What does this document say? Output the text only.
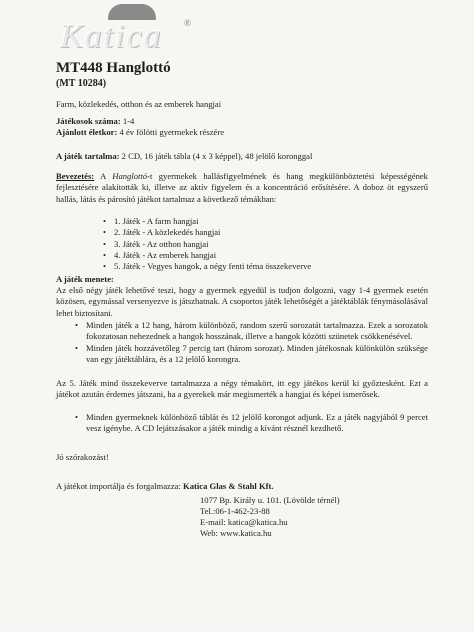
Katica	®
MT448 Hanglottó
(MT 10284)
Farm, közlekedés, otthon és az emberek hangjai
Játékosok száma: 1-4
Ajánlott életkor: 4 év fölötti gyermekek részére
A játék tartalma: 2 CD, 16 játék tábla (4 x 3 képpel), 48 jelölő koronggal
Bevezetés: A Hanglottó-t gyermekek hallásfigyelmének és hang megkülönböztetési képességének fejlesztésére alakították ki, illetve az aktív figyelem és a koncentráció erősítésére. A doboz öt egyszerű hallás, látás és párosító játékot tartalmaz a következő témákban:
• 1. Játék - A farm hangjai
• 2. Játék - A közlekedés hangjai
• 3. Játék - Az otthon hangjai
• 4. Játék - Az emberek hangjai
• 5. Játék - Vegyes hangok, a négy fenti téma összekeverve
A játék menete:
Az első négy játék lehetővé teszi, hogy a gyermek egyedül is tudjon dolgozni, vagy 1-4 gyermek esetén közösen, egymással versenyezve is játszhatnak. A csoportos játék lehetőségét a játéktáblák fénymásolásával lehet biztosítani.
• Minden játék a 12 hang, három különböző, random szerű sorozatát tartalmazza. Ezek a sorozatok fokozatosan nehezednek a hangok hosszának, illetve a hangok közötti szünetek csökkenésével.
• Minden játék hozzávetőleg 7 percig tart (három sorozat). Minden játékosnak különkülön szüksége van egy játéktáblára, és a 12 jelölő korongra.
Az 5. Játék mind összekeverve tartalmazza a négy témakört, itt egy játékos kerül ki győztesként. Ezt a játékot azután érdemes játszani, ha a gyerekek már megismerték a hangjai és képei ismerősek.
• Minden gyermeknek különböző táblát és 12 jelölő korongot adjunk. Ez a játék nagyjából 9 percet vesz igénybe. A CD lejátszásakor a játék mindig a kívánt résznél kezdhető.
Jó szórakozást!
A játékot importálja és forgalmazza: Katica Glas & Stahl Kft.
1077 Bp. Király u. 101. (Lövölde térnél)
Tel.:06-1-462-23-88
E-mail: katica@katica.hu
Web: www.katica.hu
